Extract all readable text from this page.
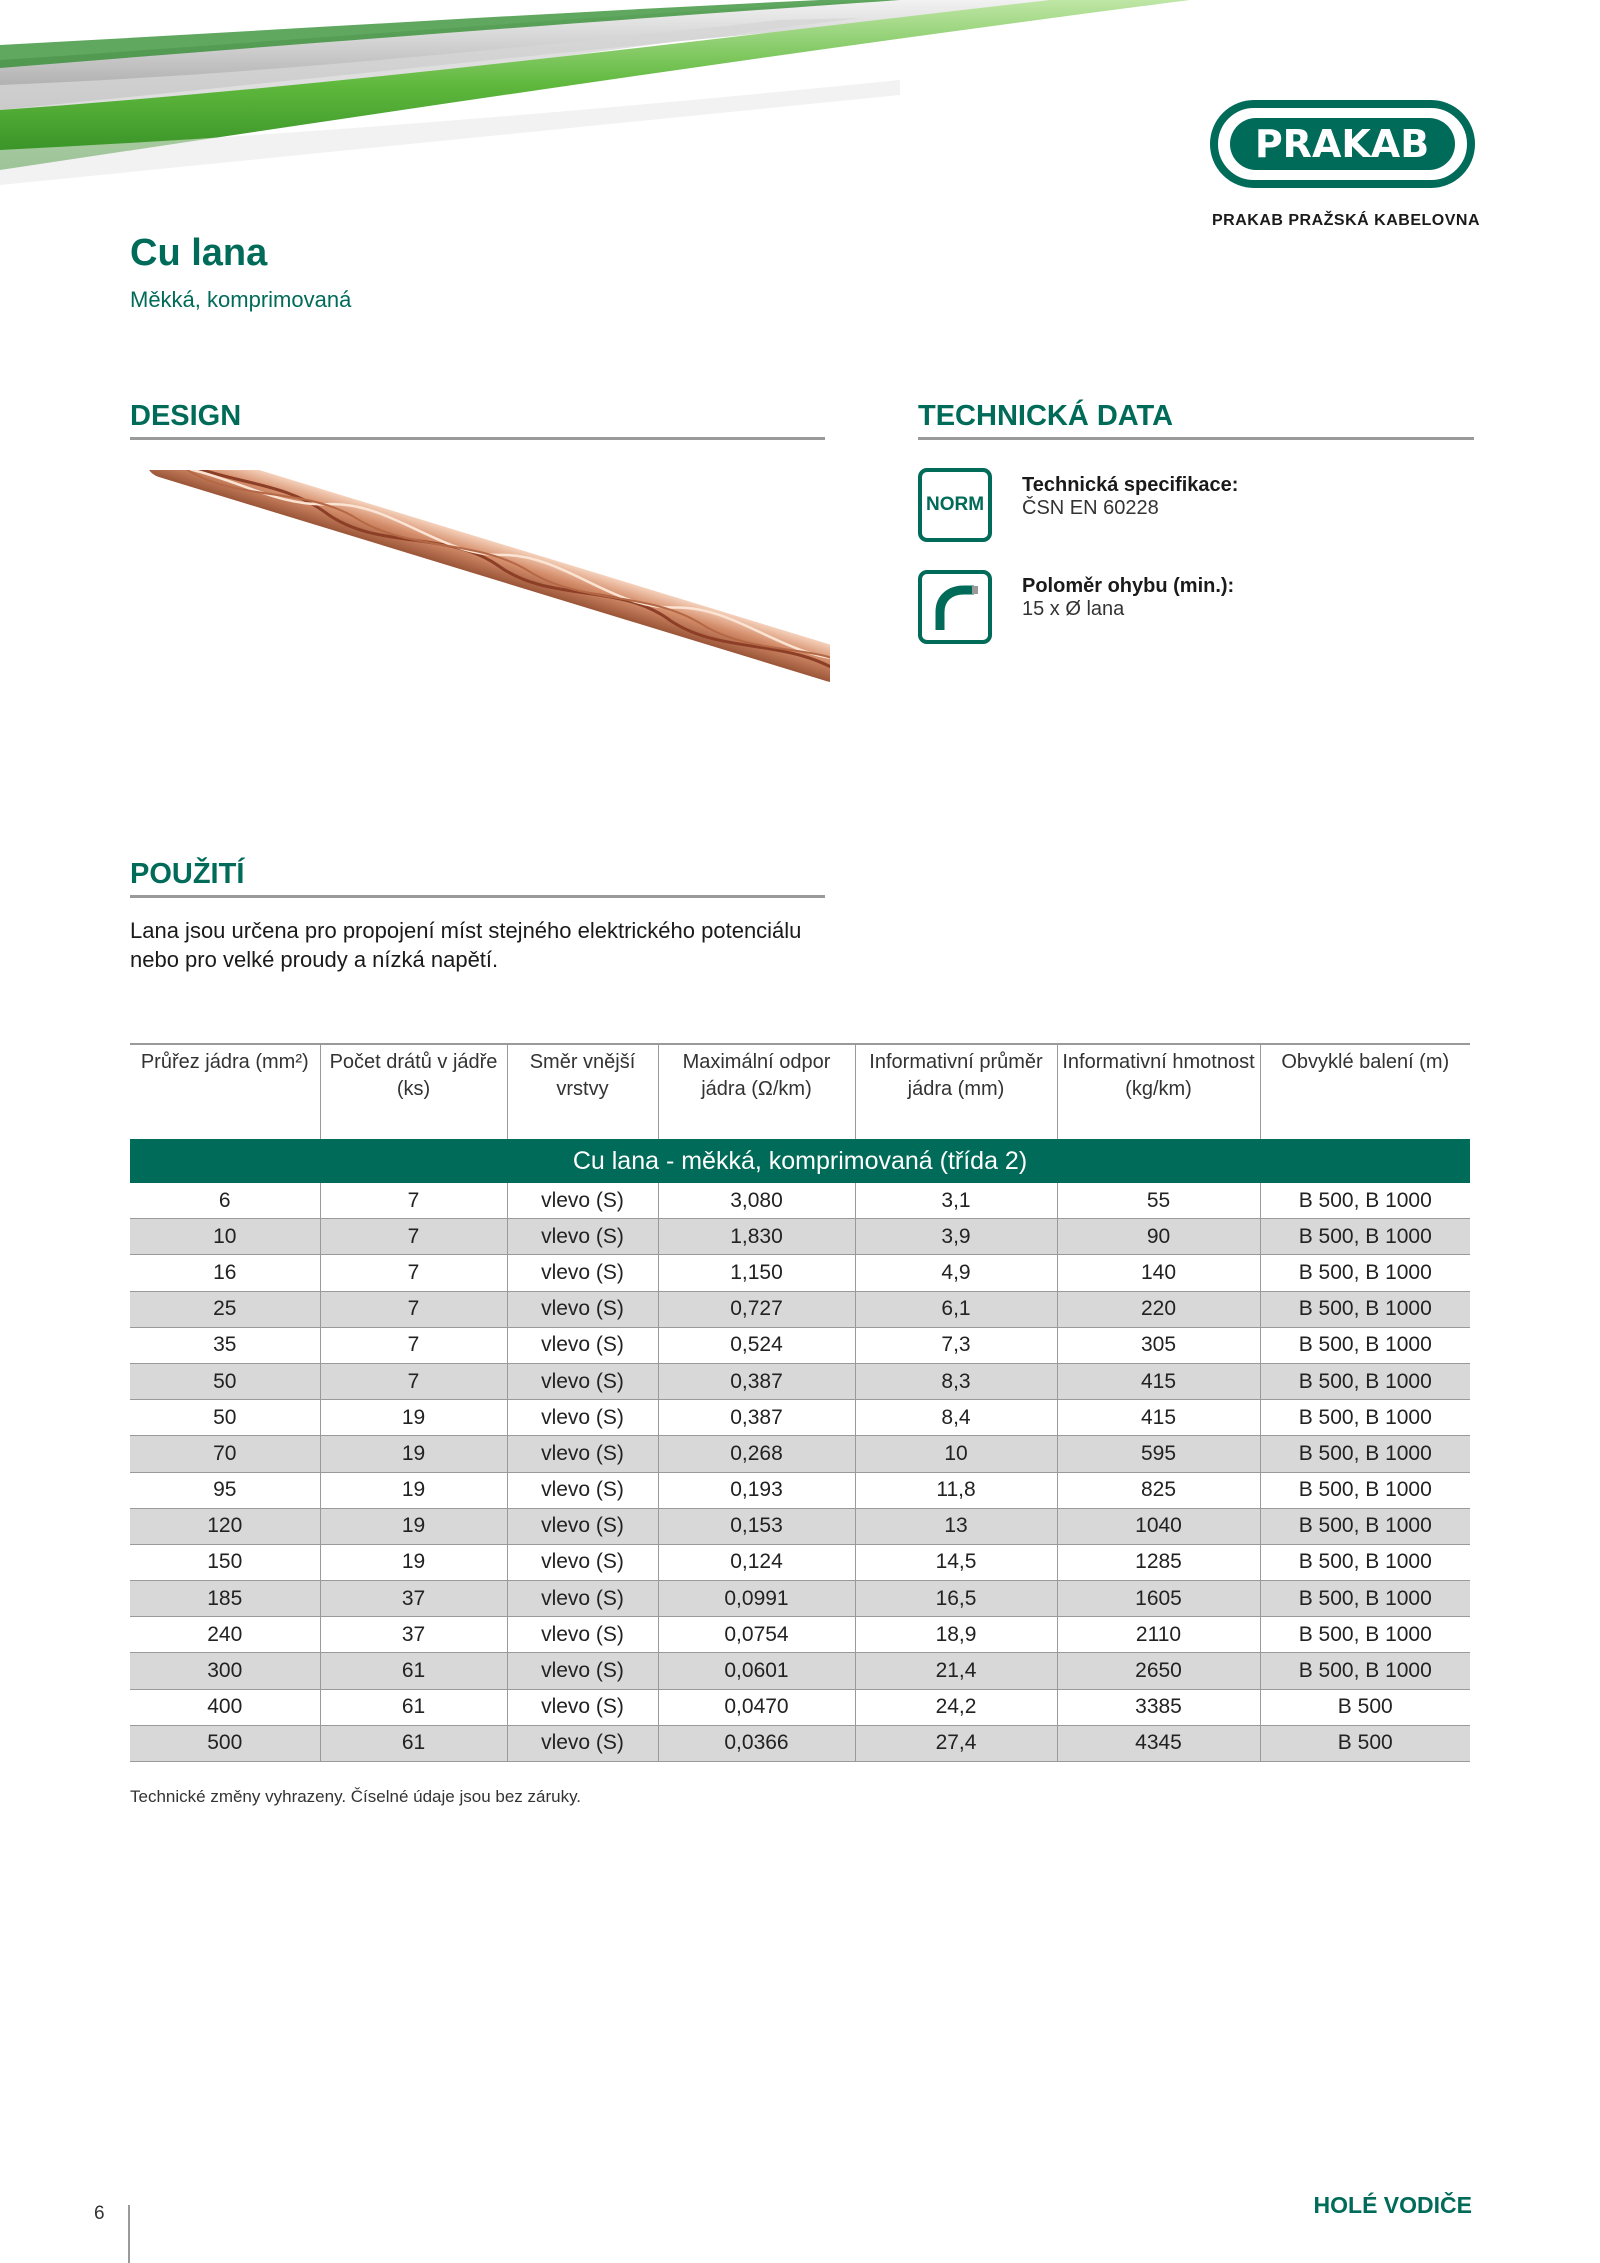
PRAKAB
PRAKAB PRAŽSKÁ KABELOVNA
Cu lana
Měkká, komprimovaná
DESIGN	TECHNICKÁ DATA
NORM
Technická specifikace:
ČSN EN 60228
Poloměr ohybu (min.):
15 x Ø lana
POUŽITÍ
Lana jsou určena pro propojení míst stejného elektrického potenciálu nebo pro velké proudy a nízká napětí.
Průřez jádra (mm²)	Počet drátů v jádře (ks)	Směr vnější vrstvy	Maximální odpor jádra (Ω/km)	Informativní průměr jádra (mm)	Informativní hmotnost (kg/km)	Obvyklé balení (m)
Cu lana - měkká, komprimovaná (třída 2)						
6	7	vlevo (S)	3,080	3,1	55	B 500, B 1000
10	7	vlevo (S)	1,830	3,9	90	B 500, B 1000
16	7	vlevo (S)	1,150	4,9	140	B 500, B 1000
25	7	vlevo (S)	0,727	6,1	220	B 500, B 1000
35	7	vlevo (S)	0,524	7,3	305	B 500, B 1000
50	7	vlevo (S)	0,387	8,3	415	B 500, B 1000
50	19	vlevo (S)	0,387	8,4	415	B 500, B 1000
70	19	vlevo (S)	0,268	10	595	B 500, B 1000
95	19	vlevo (S)	0,193	11,8	825	B 500, B 1000
120	19	vlevo (S)	0,153	13	1040	B 500, B 1000
150	19	vlevo (S)	0,124	14,5	1285	B 500, B 1000
185	37	vlevo (S)	0,0991	16,5	1605	B 500, B 1000
240	37	vlevo (S)	0,0754	18,9	2110	B 500, B 1000
300	61	vlevo (S)	0,0601	21,4	2650	B 500, B 1000
400	61	vlevo (S)	0,0470	24,2	3385	B 500
500	61	vlevo (S)	0,0366	27,4	4345	B 500
Technické změny vyhrazeny. Číselné údaje jsou bez záruky.
6	HOLÉ VODIČE
